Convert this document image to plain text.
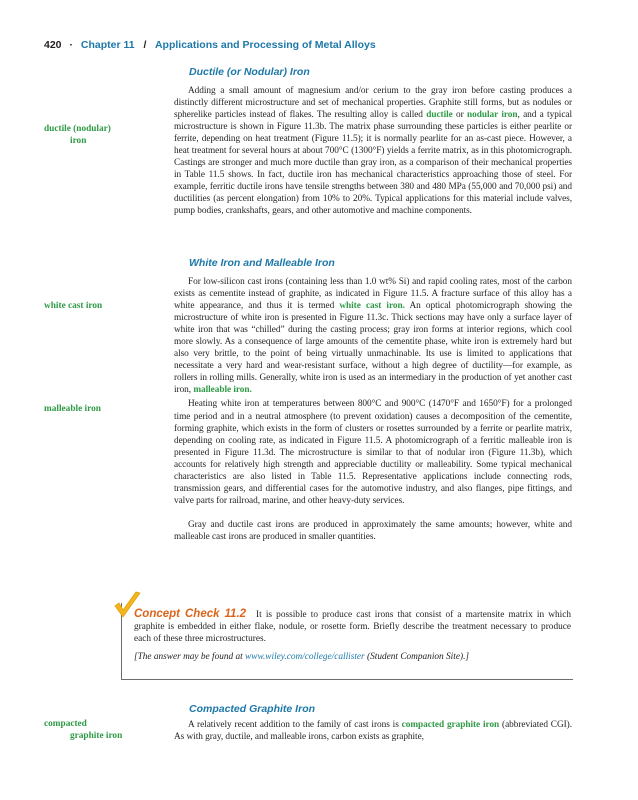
420 · Chapter 11 / Applications and Processing of Metal Alloys
Ductile (or Nodular) Iron
ductile (nodular)
iron

Adding a small amount of magnesium and/or cerium to the gray iron before casting produces a distinctly different microstructure and set of mechanical properties. Graphite still forms, but as nodules or spherelike particles instead of flakes. The resulting alloy is called ductile or nodular iron, and a typical microstructure is shown in Figure 11.3b. The matrix phase surrounding these particles is either pearlite or ferrite, depending on heat treatment (Figure 11.5); it is normally pearlite for an as-cast piece. However, a heat treatment for several hours at about 700°C (1300°F) yields a ferrite matrix, as in this photomicrograph. Castings are stronger and much more ductile than gray iron, as a comparison of their mechanical properties in Table 11.5 shows. In fact, ductile iron has mechanical characteristics approaching those of steel. For example, ferritic ductile irons have tensile strengths between 380 and 480 MPa (55,000 and 70,000 psi) and ductilities (as percent elongation) from 10% to 20%. Typical applications for this material include valves, pump bodies, crankshafts, gears, and other automotive and machine components.

White Iron and Malleable Iron
white cast iron
malleable iron

For low-silicon cast irons (containing less than 1.0 wt% Si) and rapid cooling rates, most of the carbon exists as cementite instead of graphite, as indicated in Figure 11.5. A fracture surface of this alloy has a white appearance, and thus it is termed white cast iron. An optical photomicrograph showing the microstructure of white iron is presented in Figure 11.3c. Thick sections may have only a surface layer of white iron that was “chilled” during the casting process; gray iron forms at interior regions, which cool more slowly. As a consequence of large amounts of the cementite phase, white iron is extremely hard but also very brittle, to the point of being virtually unmachinable. Its use is limited to applications that necessitate a very hard and wear-resistant surface, without a high degree of ductility—for example, as rollers in rolling mills. Generally, white iron is used as an intermediary in the production of yet another cast iron, malleable iron.

Heating white iron at temperatures between 800°C and 900°C (1470°F and 1650°F) for a prolonged time period and in a neutral atmosphere (to prevent oxidation) causes a decomposition of the cementite, forming graphite, which exists in the form of clusters or rosettes surrounded by a ferrite or pearlite matrix, depending on cooling rate, as indicated in Figure 11.5. A photomicrograph of a ferritic malleable iron is presented in Figure 11.3d. The microstructure is similar to that of nodular iron (Figure 11.3b), which accounts for relatively high strength and appreciable ductility or malleability. Some typical mechanical characteristics are also listed in Table 11.5. Representative applications include connecting rods, transmission gears, and differential cases for the automotive industry, and also flanges, pipe fittings, and valve parts for railroad, marine, and other heavy-duty services.

Gray and ductile cast irons are produced in approximately the same amounts; however, white and malleable cast irons are produced in smaller quantities.

Concept Check 11.2 It is possible to produce cast irons that consist of a martensite matrix in which graphite is embedded in either flake, nodule, or rosette form. Briefly describe the treatment necessary to produce each of these three microstructures.
[The answer may be found at www.wiley.com/college/callister (Student Companion Site).]
Compacted Graphite Iron
compacted
graphite iron

A relatively recent addition to the family of cast irons is compacted graphite iron (abbreviated CGI). As with gray, ductile, and malleable irons, carbon exists as graphite,
